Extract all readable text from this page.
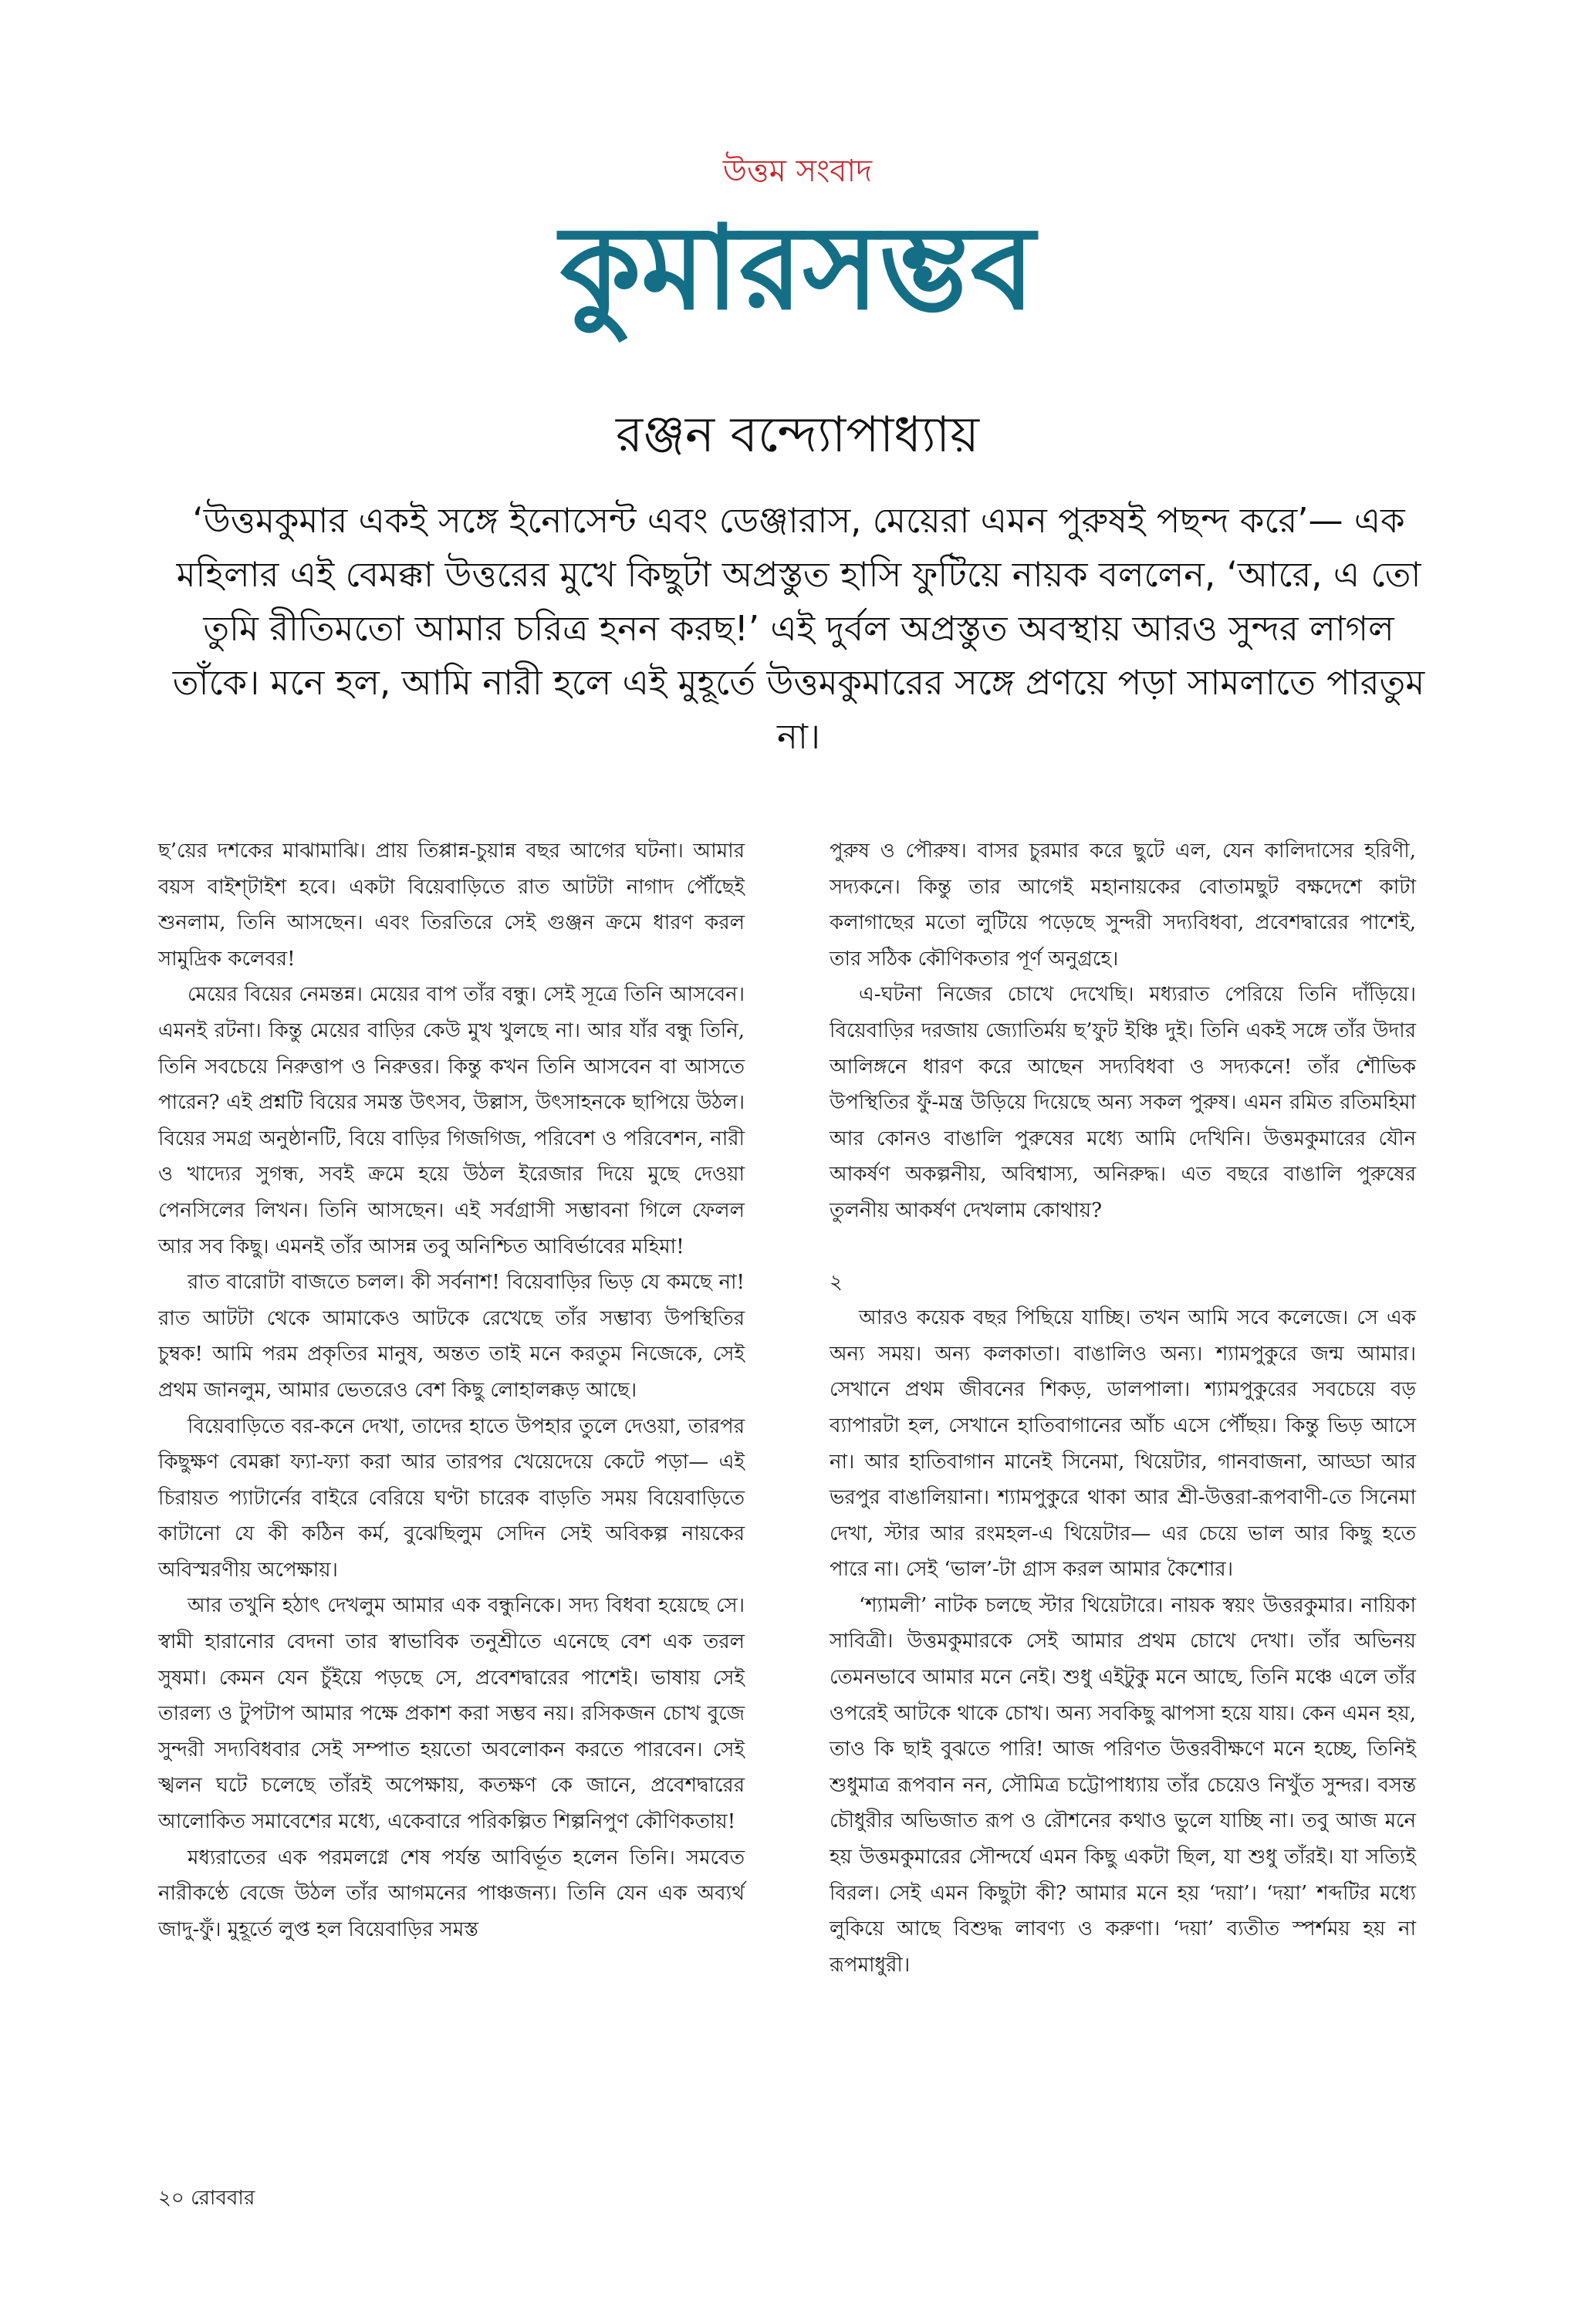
উত্তম সংবাদ
কুমারসম্ভব
রঞ্জন বন্দ্যোপাধ্যায়
‘উত্তমকুমার একই সঙ্গে ইনোসেন্ট এবং ডেঞ্জারাস, মেয়েরা এমন পুরুষই পছন্দ করে’— এক মহিলার এই বেমক্কা উত্তরের মুখে কিছুটা অপ্রস্তুত হাসি ফুটিয়ে নায়ক বললেন, ‘আরে, এ তো তুমি রীতিমতো আমার চরিত্র হনন করছ!’ এই দুর্বল অপ্রস্তুত অবস্থায় আরও সুন্দর লাগল তাঁকে। মনে হল, আমি নারী হলে এই মুহূর্তে উত্তমকুমারের সঙ্গে প্রণয়ে পড়া সামলাতে পারতুম না।

ছ’য়ের দশকের মাঝামাঝি। প্রায় তিপ্পান্ন-চুয়ান্ন বছর আগের ঘটনা। আমার বয়স বাইশ্‌টাইশ হবে। একটা বিয়েবাড়িতে রাত আটটা নাগাদ পৌঁছেই শুনলাম, তিনি আসছেন। এবং তিরতিরে সেই গুঞ্জন ক্রমে ধারণ করল সামুদ্রিক কলেবর!

মেয়ের বিয়ের নেমন্তন্ন। মেয়ের বাপ তাঁর বন্ধু। সেই সূত্রে তিনি আসবেন। এমনই রটনা। কিন্তু মেয়ের বাড়ির কেউ মুখ খুলছে না। আর যাঁর বন্ধু তিনি, তিনি সবচেয়ে নিরুত্তাপ ও নিরুত্তর। কিন্তু কখন তিনি আসবেন বা আসতে পারেন? এই প্রশ্নটি বিয়ের সমস্ত উৎসব, উল্লাস, উৎসাহনকে ছাপিয়ে উঠল। বিয়ের সমগ্র অনুষ্ঠানটি, বিয়ে বাড়ির গিজগিজ, পরিবেশ ও পরিবেশন, নারী ও খাদ্যের সুগন্ধ, সবই ক্রমে হয়ে উঠল ইরেজার দিয়ে মুছে দেওয়া পেনসিলের লিখন। তিনি আসছেন। এই সর্বগ্রাসী সম্ভাবনা গিলে ফেলল আর সব কিছু। এমনই তাঁর আসন্ন তবু অনিশ্চিত আবির্ভাবের মহিমা!

রাত বারোটা বাজতে চলল। কী সর্বনাশ! বিয়েবাড়ির ভিড় যে কমছে না! রাত আটটা থেকে আমাকেও আটকে রেখেছে তাঁর সম্ভাব্য উপস্থিতির চুম্বক! আমি পরম প্রকৃতির মানুষ, অন্তত তাই মনে করতুম নিজেকে, সেই প্রথম জানলুম, আমার ভেতরেও বেশ কিছু লোহালক্কড় আছে।

বিয়েবাড়িতে বর-কনে দেখা, তাদের হাতে উপহার তুলে দেওয়া, তারপর কিছুক্ষণ বেমক্কা ফ্যা-ফ্যা করা আর তারপর খেয়েদেয়ে কেটে পড়া— এই চিরায়ত প্যাটার্নের বাইরে বেরিয়ে ঘণ্টা চারেক বাড়তি সময় বিয়েবাড়িতে কাটানো যে কী কঠিন কর্ম, বুঝেছিলুম সেদিন সেই অবিকল্প নায়কের অবিস্মরণীয় অপেক্ষায়।

আর তখুনি হঠাৎ দেখলুম আমার এক বন্ধুনিকে। সদ্য বিধবা হয়েছে সে। স্বামী হারানোর বেদনা তার স্বাভাবিক তনুশ্রীতে এনেছে বেশ এক তরল সুষমা। কেমন যেন চুঁইয়ে পড়ছে সে, প্রবেশদ্বারের পাশেই। ভাষায় সেই তারল্য ও টুপটাপ আমার পক্ষে প্রকাশ করা সম্ভব নয়। রসিকজন চোখ বুজে সুন্দরী সদ্যবিধবার সেই সম্পাত হয়তো অবলোকন করতে পারবেন। সেই স্খলন ঘটে চলেছে তাঁরই অপেক্ষায়, কতক্ষণ কে জানে, প্রবেশদ্বারের আলোকিত সমাবেশের মধ্যে, একেবারে পরিকল্পিত শিল্পনিপুণ কৌণিকতায়!

মধ্যরাতের এক পরমলগ্নে শেষ পর্যন্ত আবির্ভূত হলেন তিনি। সমবেত নারীকণ্ঠে বেজে উঠল তাঁর আগমনের পাঞ্চজন্য। তিনি যেন এক অব্যর্থ জাদু-ফুঁ। মুহূর্তে লুপ্ত হল বিয়েবাড়ির সমস্ত

পুরুষ ও পৌরুষ। বাসর চুরমার করে ছুটে এল, যেন কালিদাসের হরিণী, সদ্যকনে। কিন্তু তার আগেই মহানায়কের বোতামছুট বক্ষদেশে কাটা কলাগাছের মতো লুটিয়ে পড়েছে সুন্দরী সদ্যবিধবা, প্রবেশদ্বারের পাশেই, তার সঠিক কৌণিকতার পূর্ণ অনুগ্রহে।

এ-ঘটনা নিজের চোখে দেখেছি। মধ্যরাত পেরিয়ে তিনি দাঁড়িয়ে। বিয়েবাড়ির দরজায় জ্যোতির্ময় ছ’ফুট ইঞ্চি দুই। তিনি একই সঙ্গে তাঁর উদার আলিঙ্গনে ধারণ করে আছেন সদ্যবিধবা ও সদ্যকনে! তাঁর শৌভিক উপস্থিতির ফুঁ-মন্ত্র উড়িয়ে দিয়েছে অন্য সকল পুরুষ। এমন রমিত রতিমহিমা আর কোনও বাঙালি পুরুষের মধ্যে আমি দেখিনি। উত্তমকুমারের যৌন আকর্ষণ অকল্পনীয়, অবিশ্বাস্য, অনিরুদ্ধ। এত বছরে বাঙালি পুরুষের তুলনীয় আকর্ষণ দেখলাম কোথায়?

২

আরও কয়েক বছর পিছিয়ে যাচ্ছি। তখন আমি সবে কলেজে। সে এক অন্য সময়। অন্য কলকাতা। বাঙালিও অন্য। শ্যামপুকুরে জন্ম আমার। সেখানে প্রথম জীবনের শিকড়, ডালপালা। শ্যামপুকুরের সবচেয়ে বড় ব্যাপারটা হল, সেখানে হাতিবাগানের আঁচ এসে পৌঁছয়। কিন্তু ভিড় আসে না। আর হাতিবাগান মানেই সিনেমা, থিয়েটার, গানবাজনা, আড্ডা আর ভরপুর বাঙালিয়ানা। শ্যামপুকুরে থাকা আর শ্রী-উত্তরা-রূপবাণী-তে সিনেমা দেখা, স্টার আর রংমহল-এ থিয়েটার— এর চেয়ে ভাল আর কিছু হতে পারে না। সেই ‘ভাল’-টা গ্রাস করল আমার কৈশোর।

‘শ্যামলী’ নাটক চলছে স্টার থিয়েটারে। নায়ক স্বয়ং উত্তরকুমার। নায়িকা সাবিত্রী। উত্তমকুমারকে সেই আমার প্রথম চোখে দেখা। তাঁর অভিনয় তেমনভাবে আমার মনে নেই। শুধু এইটুকু মনে আছে, তিনি মঞ্চে এলে তাঁর ওপরেই আটকে থাকে চোখ। অন্য সবকিছু ঝাপসা হয়ে যায়। কেন এমন হয়, তাও কি ছাই বুঝতে পারি! আজ পরিণত উত্তরবীক্ষণে মনে হচ্ছে, তিনিই শুধুমাত্র রূপবান নন, সৌমিত্র চট্টোপাধ্যায় তাঁর চেয়েও নিখুঁত সুন্দর। বসন্ত চৌধুরীর অভিজাত রূপ ও রৌশনের কথাও ভুলে যাচ্ছি না। তবু আজ মনে হয় উত্তমকুমারের সৌন্দর্যে এমন কিছু একটা ছিল, যা শুধু তাঁরই। যা সত্যিই বিরল। সেই এমন কিছুটা কী? আমার মনে হয় ‘দয়া’। ‘দয়া’ শব্দটির মধ্যে লুকিয়ে আছে বিশুদ্ধ লাবণ্য ও করুণা। ‘দয়া’ ব্যতীত স্পর্শময় হয় না রূপমাধুরী।

২০ রোববার
